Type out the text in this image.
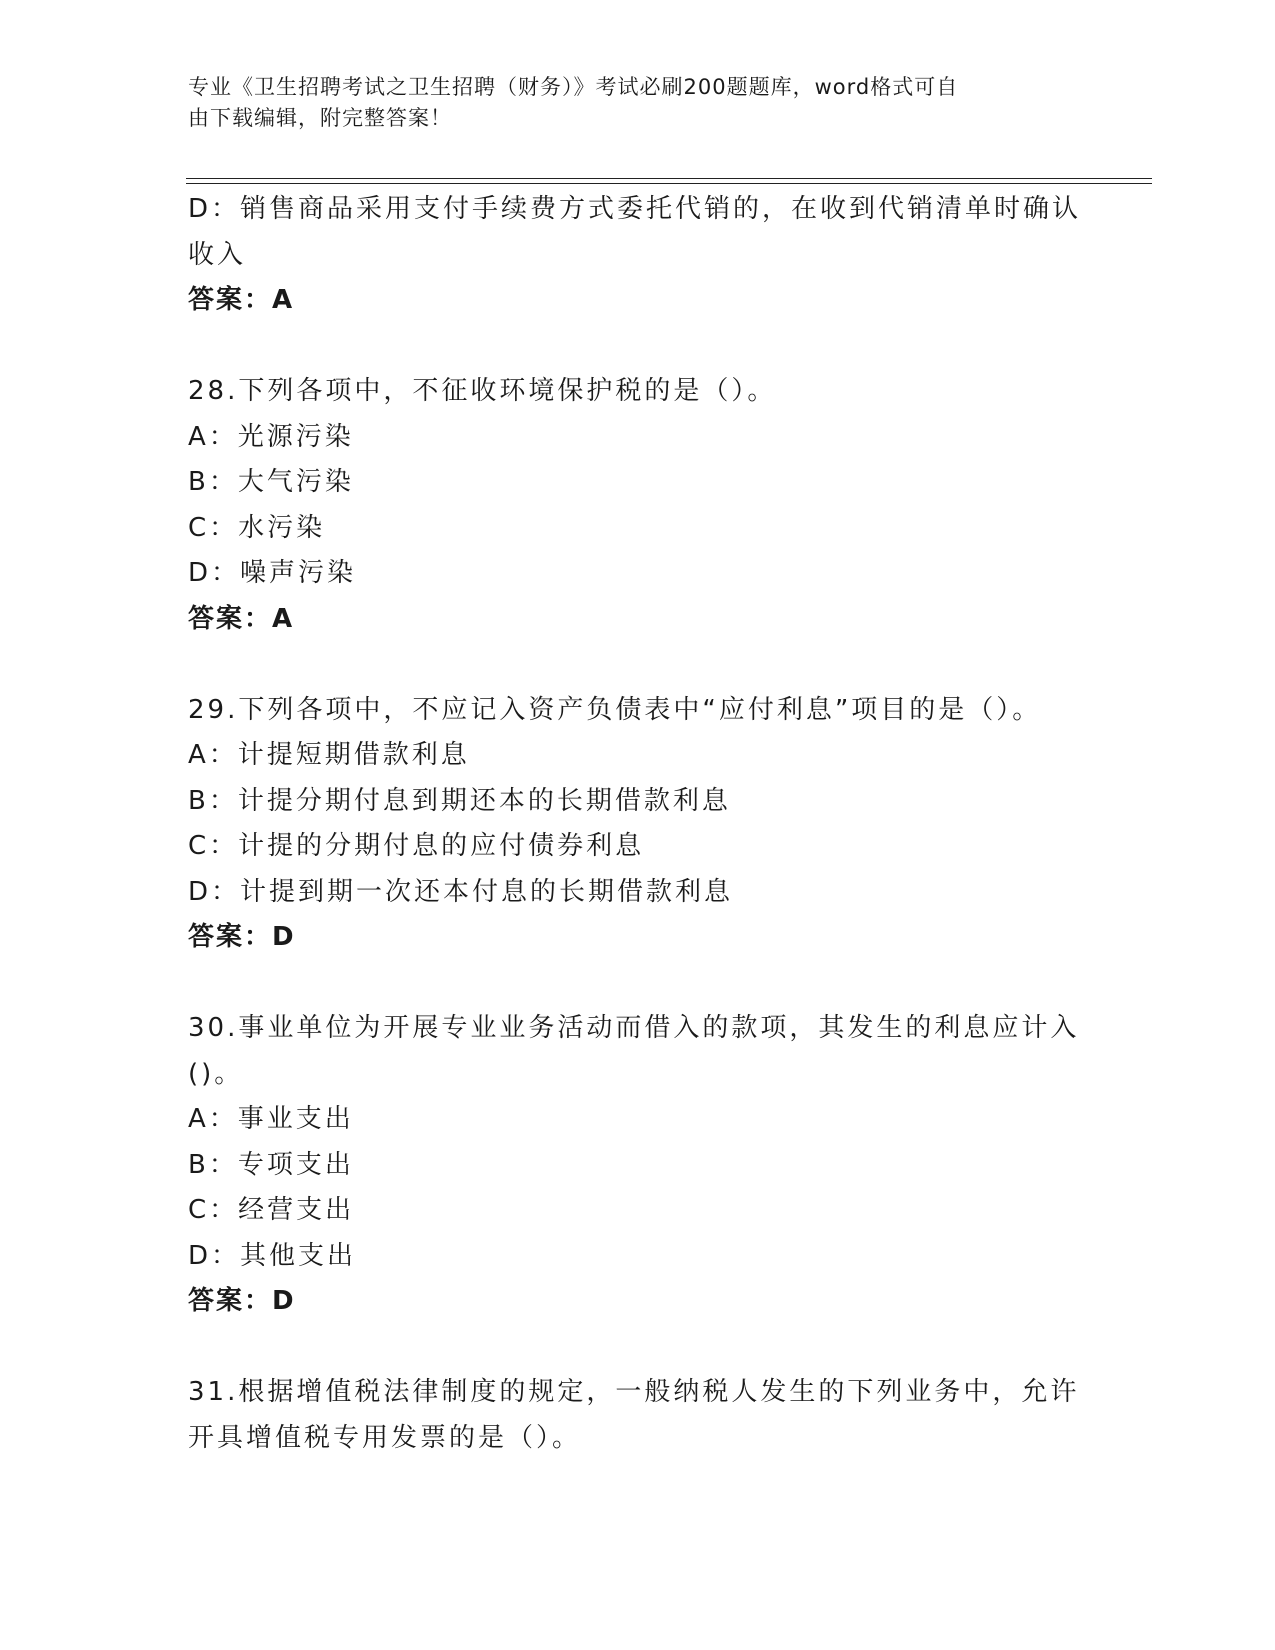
专业《卫生招聘考试之卫生招聘（财务）》考试必刷200题题库，word格式可自
由下载编辑，附完整答案！
D：销售商品采用支付手续费方式委托代销的，在收到代销清单时确认
收入
答案：A
28.下列各项中，不征收环境保护税的是（）。
A：光源污染
B：大气污染
C：水污染
D：噪声污染
答案：A
29.下列各项中，不应记入资产负债表中“应付利息”项目的是（）。
A：计提短期借款利息
B：计提分期付息到期还本的长期借款利息
C：计提的分期付息的应付债券利息
D：计提到期一次还本付息的长期借款利息
答案：D
30.事业单位为开展专业业务活动而借入的款项，其发生的利息应计入
()。
A：事业支出
B：专项支出
C：经营支出
D：其他支出
答案：D
31.根据增值税法律制度的规定，一般纳税人发生的下列业务中，允许
开具增值税专用发票的是（）。
